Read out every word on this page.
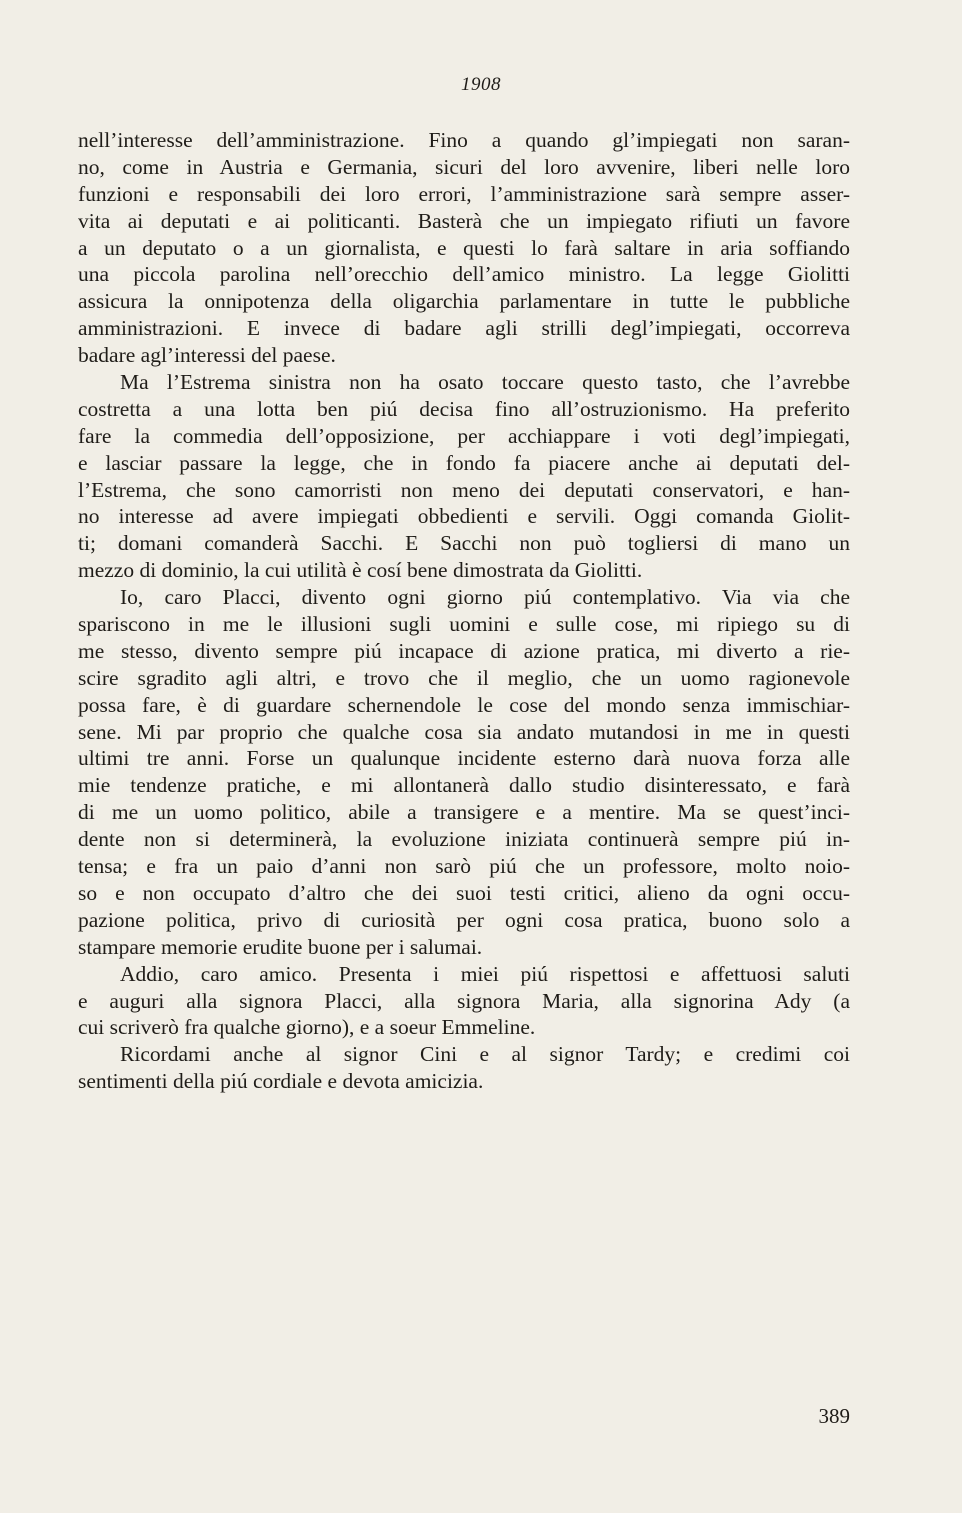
1908
nell’interesse dell’amministrazione. Fino a quando gl’impiegati non saran-
no, come in Austria e Germania, sicuri del loro avvenire, liberi nelle loro
funzioni e responsabili dei loro errori, l’amministrazione sarà sempre asser-
vita ai deputati e ai politicanti. Basterà che un impiegato rifiuti un favore
a un deputato o a un giornalista, e questi lo farà saltare in aria soffiando
una piccola parolina nell’orecchio dell’amico ministro. La legge Giolitti
assicura la onnipotenza della oligarchia parlamentare in tutte le pubbliche
amministrazioni. E invece di badare agli strilli degl’impiegati, occorreva
badare agl’interessi del paese.
Ma l’Estrema sinistra non ha osato toccare questo tasto, che l’avrebbe
costretta a una lotta ben piú decisa fino all’ostruzionismo. Ha preferito
fare la commedia dell’opposizione, per acchiappare i voti degl’impiegati,
e lasciar passare la legge, che in fondo fa piacere anche ai deputati del-
l’Estrema, che sono camorristi non meno dei deputati conservatori, e han-
no interesse ad avere impiegati obbedienti e servili. Oggi comanda Giolit-
ti; domani comanderà Sacchi. E Sacchi non può togliersi di mano un
mezzo di dominio, la cui utilità è cosí bene dimostrata da Giolitti.
Io, caro Placci, divento ogni giorno piú contemplativo. Via via che
spariscono in me le illusioni sugli uomini e sulle cose, mi ripiego su di
me stesso, divento sempre piú incapace di azione pratica, mi diverto a rie-
scire sgradito agli altri, e trovo che il meglio, che un uomo ragionevole
possa fare, è di guardare schernendole le cose del mondo senza immischiar-
sene. Mi par proprio che qualche cosa sia andato mutandosi in me in questi
ultimi tre anni. Forse un qualunque incidente esterno darà nuova forza alle
mie tendenze pratiche, e mi allontanerà dallo studio disinteressato, e farà
di me un uomo politico, abile a transigere e a mentire. Ma se quest’inci-
dente non si determinerà, la evoluzione iniziata continuerà sempre piú in-
tensa; e fra un paio d’anni non sarò piú che un professore, molto noio-
so e non occupato d’altro che dei suoi testi critici, alieno da ogni occu-
pazione politica, privo di curiosità per ogni cosa pratica, buono solo a
stampare memorie erudite buone per i salumai.
Addio, caro amico. Presenta i miei piú rispettosi e affettuosi saluti
e auguri alla signora Placci, alla signora Maria, alla signorina Ady (a
cui scriverò fra qualche giorno), e a soeur Emmeline.
Ricordami anche al signor Cini e al signor Tardy; e credimi coi
sentimenti della piú cordiale e devota amicizia.
389
